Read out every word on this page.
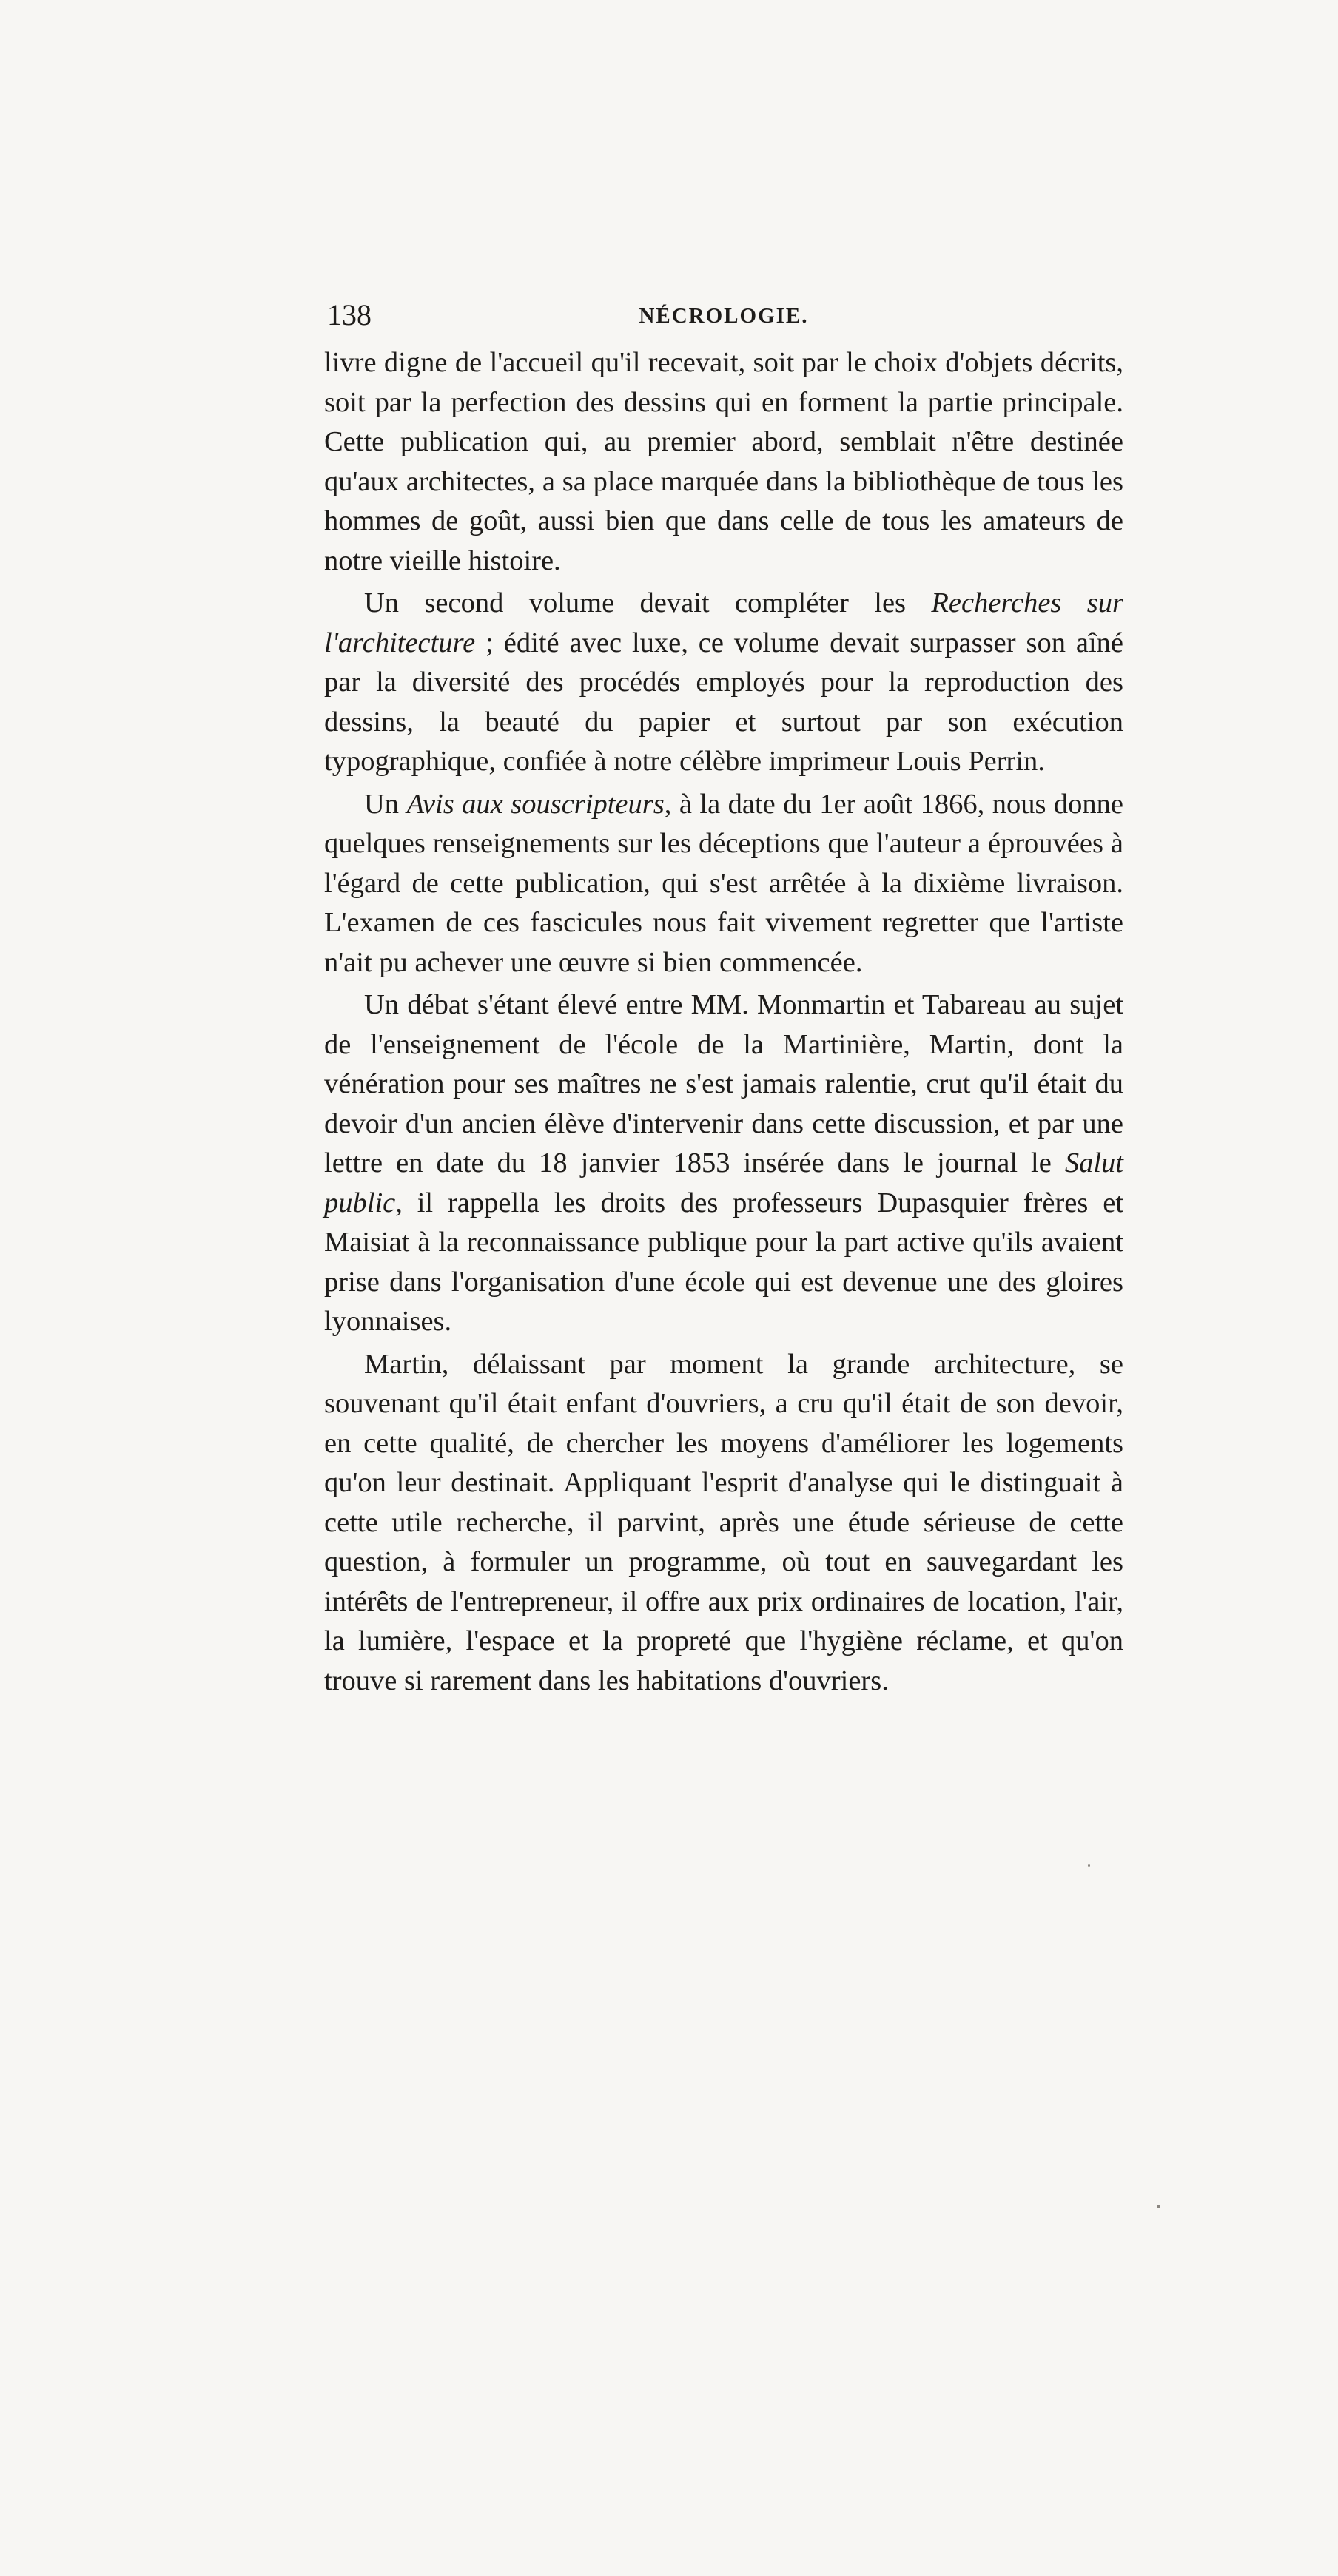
138	NÉCROLOGIE.

livre digne de l'accueil qu'il recevait, soit par le choix d'objets décrits, soit par la perfection des dessins qui en forment la partie principale. Cette publication qui, au premier abord, semblait n'être destinée qu'aux architectes, a sa place marquée dans la bibliothèque de tous les hommes de goût, aussi bien que dans celle de tous les amateurs de notre vieille histoire.

Un second volume devait compléter les Recherches sur l'architecture ; édité avec luxe, ce volume devait surpasser son aîné par la diversité des procédés employés pour la reproduction des dessins, la beauté du papier et surtout par son exécution typographique, confiée à notre célèbre imprimeur Louis Perrin.

Un Avis aux souscripteurs, à la date du 1er août 1866, nous donne quelques renseignements sur les déceptions que l'auteur a éprouvées à l'égard de cette publication, qui s'est arrêtée à la dixième livraison. L'examen de ces fascicules nous fait vivement regretter que l'artiste n'ait pu achever une œuvre si bien commencée.

Un débat s'étant élevé entre MM. Monmartin et Tabareau au sujet de l'enseignement de l'école de la Martinière, Martin, dont la vénération pour ses maîtres ne s'est jamais ralentie, crut qu'il était du devoir d'un ancien élève d'intervenir dans cette discussion, et par une lettre en date du 18 janvier 1853 insérée dans le journal le Salut public, il rappella les droits des professeurs Dupasquier frères et Maisiat à la reconnaissance publique pour la part active qu'ils avaient prise dans l'organisation d'une école qui est devenue une des gloires lyonnaises.

Martin, délaissant par moment la grande architecture, se souvenant qu'il était enfant d'ouvriers, a cru qu'il était de son devoir, en cette qualité, de chercher les moyens d'améliorer les logements qu'on leur destinait. Appliquant l'esprit d'analyse qui le distinguait à cette utile recherche, il parvint, après une étude sérieuse de cette question, à formuler un programme, où tout en sauvegardant les intérêts de l'entrepreneur, il offre aux prix ordinaires de location, l'air, la lumière, l'espace et la propreté que l'hygiène réclame, et qu'on trouve si rarement dans les habitations d'ouvriers.
